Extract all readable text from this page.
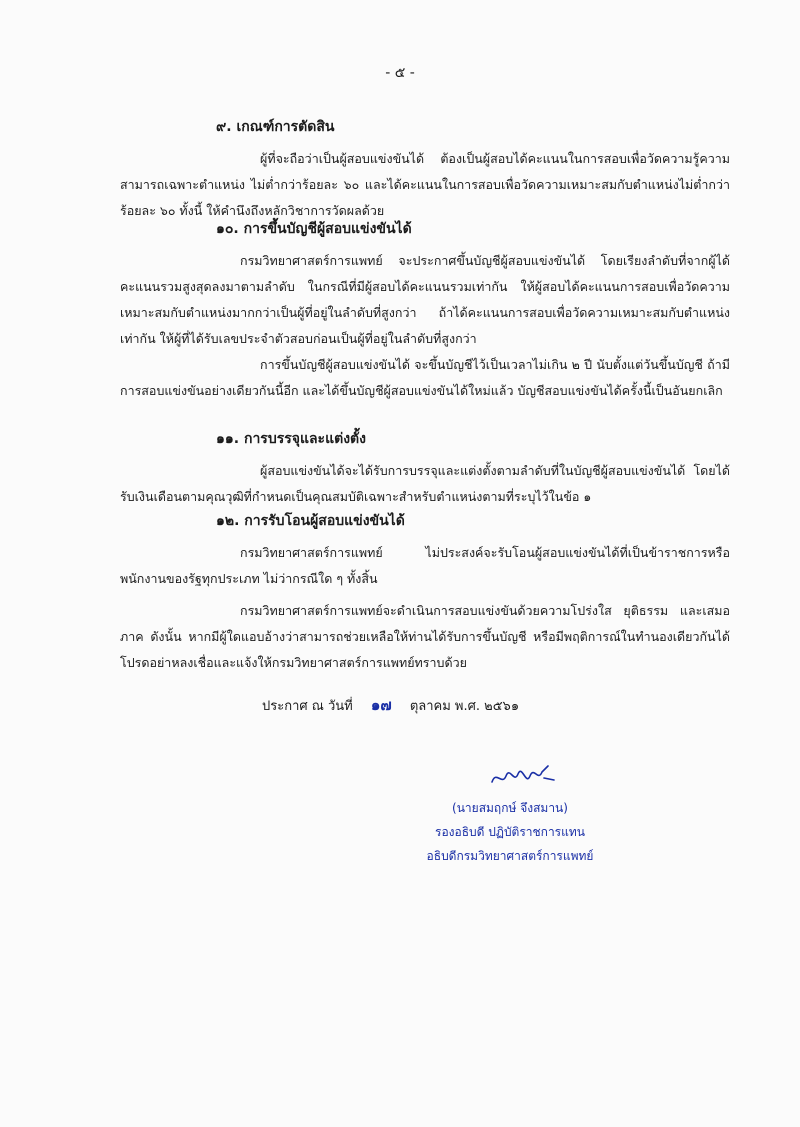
- ๕ -
๙. เกณฑ์การตัดสิน

ผู้ที่จะถือว่าเป็นผู้สอบแข่งขันได้ ต้องเป็นผู้สอบได้คะแนนในการสอบเพื่อวัดความรู้ความสามารถเฉพาะตำแหน่ง ไม่ต่ำกว่าร้อยละ ๖๐ และได้คะแนนในการสอบเพื่อวัดความเหมาะสมกับตำแหน่งไม่ต่ำกว่าร้อยละ ๖๐ ทั้งนี้ ให้คำนึงถึงหลักวิชาการวัดผลด้วย

๑๐. การขึ้นบัญชีผู้สอบแข่งขันได้

กรมวิทยาศาสตร์การแพทย์ จะประกาศขึ้นบัญชีผู้สอบแข่งขันได้ โดยเรียงลำดับที่จากผู้ได้คะแนนรวมสูงสุดลงมาตามลำดับ ในกรณีที่มีผู้สอบได้คะแนนรวมเท่ากัน ให้ผู้สอบได้คะแนนการสอบเพื่อวัดความเหมาะสมกับตำแหน่งมากกว่าเป็นผู้ที่อยู่ในลำดับที่สูงกว่า ถ้าได้คะแนนการสอบเพื่อวัดความเหมาะสมกับตำแหน่งเท่ากัน ให้ผู้ที่ได้รับเลขประจำตัวสอบก่อนเป็นผู้ที่อยู่ในลำดับที่สูงกว่า

การขึ้นบัญชีผู้สอบแข่งขันได้ จะขึ้นบัญชีไว้เป็นเวลาไม่เกิน ๒ ปี นับตั้งแต่วันขึ้นบัญชี ถ้ามีการสอบแข่งขันอย่างเดียวกันนี้อีก และได้ขึ้นบัญชีผู้สอบแข่งขันได้ใหม่แล้ว บัญชีสอบแข่งขันได้ครั้งนี้เป็นอันยกเลิก

๑๑. การบรรจุและแต่งตั้ง

ผู้สอบแข่งขันได้จะได้รับการบรรจุและแต่งตั้งตามลำดับที่ในบัญชีผู้สอบแข่งขันได้ โดยได้รับเงินเดือนตามคุณวุฒิที่กำหนดเป็นคุณสมบัติเฉพาะสำหรับตำแหน่งตามที่ระบุไว้ในข้อ ๑

๑๒. การรับโอนผู้สอบแข่งขันได้

กรมวิทยาศาสตร์การแพทย์ ไม่ประสงค์จะรับโอนผู้สอบแข่งขันได้ที่เป็นข้าราชการหรือพนักงานของรัฐทุกประเภท ไม่ว่ากรณีใด ๆ ทั้งสิ้น

กรมวิทยาศาสตร์การแพทย์จะดำเนินการสอบแข่งขันด้วยความโปร่งใส ยุติธรรม และเสมอภาค ดังนั้น หากมีผู้ใดแอบอ้างว่าสามารถช่วยเหลือให้ท่านได้รับการขึ้นบัญชี หรือมีพฤติการณ์ในทำนองเดียวกันได้ โปรดอย่าหลงเชื่อและแจ้งให้กรมวิทยาศาสตร์การแพทย์ทราบด้วย

ประกาศ ณ วันที่ ๑๗ ตุลาคม พ.ศ. ๒๕๖๑
(นายสมฤกษ์ จึงสมาน)
รองอธิบดี ปฏิบัติราชการแทน
อธิบดีกรมวิทยาศาสตร์การแพทย์
